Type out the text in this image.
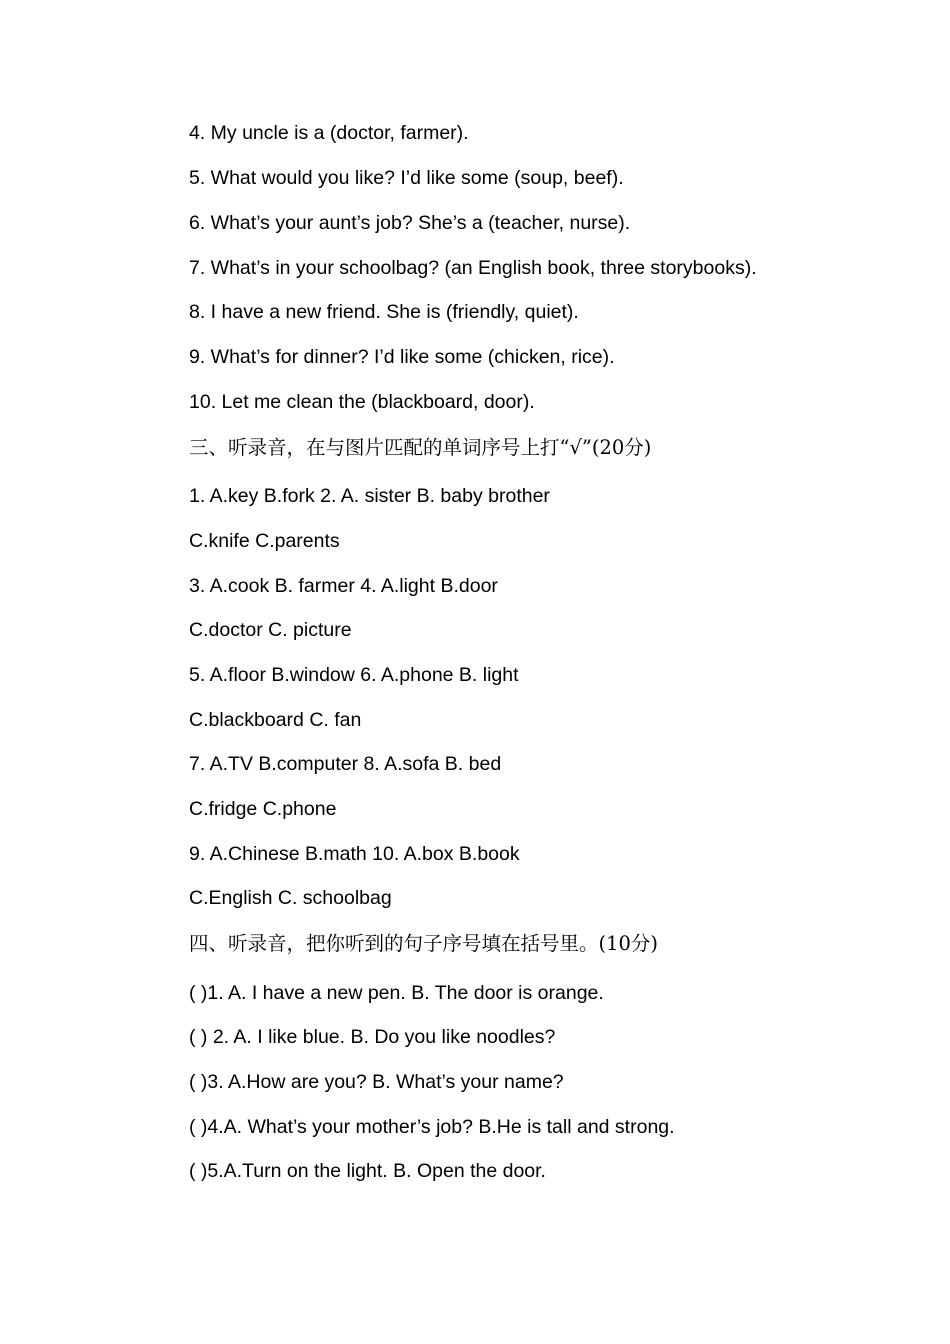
4. My uncle is a (doctor, farmer).
5. What would you like? I’d like some (soup, beef).
6. What’s your aunt’s job? She’s a (teacher, nurse).
7. What’s in your schoolbag? (an English book, three storybooks).
8. I have a new friend. She is (friendly, quiet).
9. What’s for dinner? I’d like some (chicken, rice).
10. Let me clean the (blackboard, door).
三、听录音，在与图片匹配的单词序号上打“√”(20分)
1. A.key B.fork 2. A. sister B. baby brother
C.knife C.parents
3. A.cook B. farmer 4. A.light B.door
C.doctor C. picture
5. A.floor B.window 6. A.phone B. light
C.blackboard C. fan
7. A.TV B.computer 8. A.sofa B. bed
C.fridge C.phone
9. A.Chinese B.math 10. A.box B.book
C.English C. schoolbag
四、听录音，把你听到的句子序号填在括号里。(10分)
( )1. A. I have a new pen. B. The door is orange.
( ) 2. A. I like blue. B. Do you like noodles?
( )3. A.How are you? B. What’s your name?
( )4.A. What’s your mother’s job? B.He is tall and strong.
( )5.A.Turn on the light. B. Open the door.
